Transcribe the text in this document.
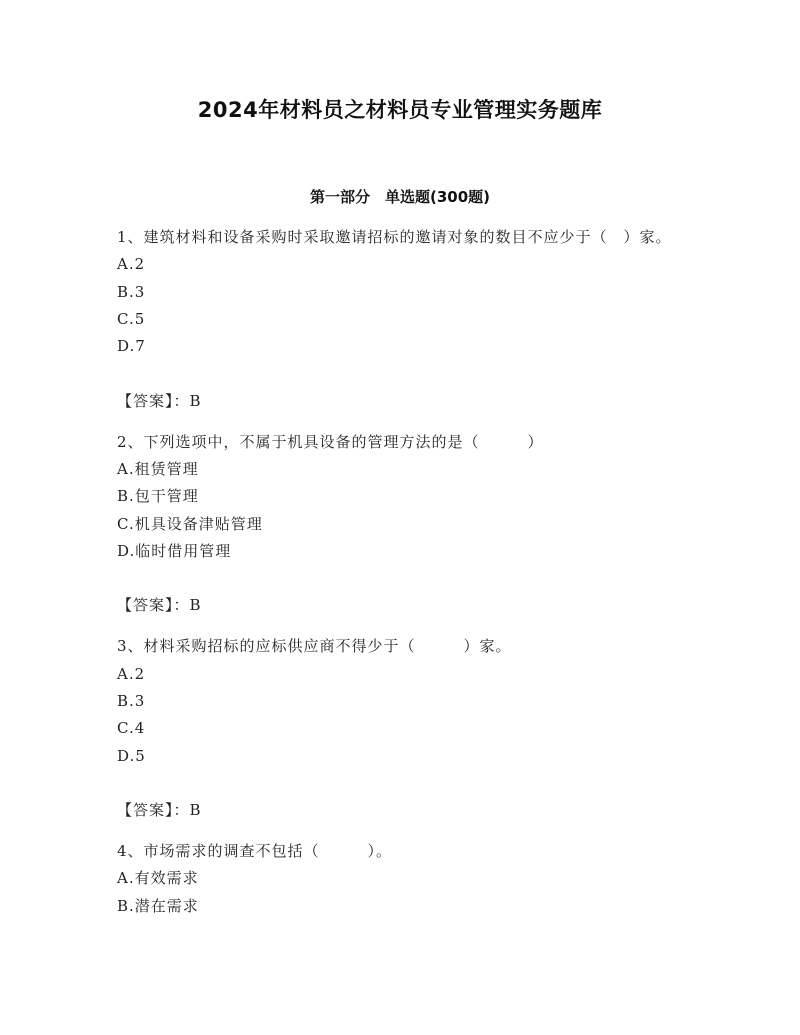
2024年材料员之材料员专业管理实务题库
第一部分　单选题(300题)

1、建筑材料和设备采购时采取邀请招标的邀请对象的数目不应少于（　）家。

A.2

B.3

C.5

D.7

【答案】：B

2、下列选项中，不属于机具设备的管理方法的是（　　　）

A.租赁管理

B.包干管理

C.机具设备津贴管理

D.临时借用管理

【答案】：B

3、材料采购招标的应标供应商不得少于（　　　）家。

A.2

B.3

C.4

D.5

【答案】：B

4、市场需求的调查不包括（　　　）。

A.有效需求

B.潜在需求
